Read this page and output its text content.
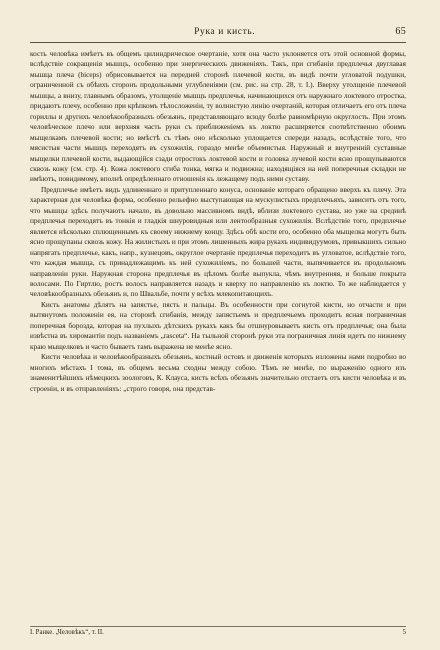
Рука и кисть.	65

кость человѣка имѣетъ въ общемъ цилиндрическое очертаніе, хотя она часто уклоняется отъ этой основной формы, вслѣдствіе сокращенія мышцъ, особенно при энергическихъ движеніяхъ. Такъ, при сгибаніи предплечья двуглавая мышца плеча (biceps) обрисовывается на передней сторонѣ плечевой кости, въ видѣ почти угловатой подушки, ограниченной съ обѣихъ сторонъ продольными углубленіями (см. рис. на стр. 28, т. I.). Вверху утолщеніе плечевой мышцы, а внизу, главнымъ образомъ, утолщеніе мышцъ предплечья, начинающихся отъ наружнаго локтевого отростка, придаютъ плечу, особенно при крѣпкомъ тѣлосложеніи, ту волнистую линію очертаній, которая отличаетъ его отъ плеча гориллы и другихъ человѣкообразныхъ обезьянъ, представляющаго всюду болѣе равномѣрную округлость. При этомъ человѣческое плечо или верхняя часть руки съ приближеніемъ къ локтю расширяется соотвѣтственно обоимъ мыщелкамъ плечевой кости; но вмѣстѣ съ тѣмъ оно нѣсколько уплощается спереди назадъ, вслѣдствіе того, что мясистыя части мышцъ переходятъ въ сухожилія, гораздо менѣе объемистыя. Наружный и внутренній суставные мыщелки плечевой кости, выдающійся сзади отростокъ локтевой кости и головка лучевой кости ясно прощупываются сквозь кожу (см. стр. 4). Кожа локтевого сгиба тонка, мягка и подвижна; находящіяся на ней поперечныя складки не имѣютъ, повидимому, вполнѣ опредѣленнаго отношенія къ лежащему подъ ними суставу.

Предплечье имѣетъ видъ удлиненнаго и притупленнаго конуса, основаніе котораго обращено вверхъ къ плечу. Эта характерная для человѣка форма, особенно рельефно выступающая на мускулистыхъ предплечьяхъ, зависитъ отъ того, что мышцы здѣсь получаютъ начало, въ довольно массивномъ видѣ, вблизи локтевого сустава, но уже на срединѣ предплечья переходятъ въ тонкія и гладкія шнуровидныя или лентообразныя сухожилія. Вслѣдствіе того, предплечье является нѣсколько сплющеннымъ къ своему нижнему концу. Здѣсь обѣ кости его, особенно оба мыщелка могутъ быть ясно прощупаны сквозь кожу. На жилистыхъ и при этомъ лишенныхъ жира рукахъ индивидуумовъ, привыкшихъ сильно напрягать предплечье, какъ, напр., кузнецовъ, округлое очертаніе предплечья переходитъ въ угловатое, вслѣдствіе того, что каждая мышца, съ принадлежащимъ къ ней сухожиліемъ, по большей части, выпячивается въ продольномъ направленіи руки. Наружная сторона предплечья въ цѣломъ болѣе выпукла, чѣмъ внутренняя, и больше покрыта волосами. По Гиртлю, ростъ волосъ направляется назадъ и кверху по направленію къ локтю. То же наблюдается у человѣкообразныхъ обезьянъ и, по Швальбе, почти у всѣхъ млекопитающихъ.

Кисть анатомы дѣлятъ на запястье, пясть и пальцы. Въ особенности при согнутой кисти, но отчасти и при вытянутомъ положеніи ея, на сторонѣ сгибанія, между запястьемъ и предплечьемъ проходитъ ясная пограничная поперечная борозда, которая на пухлыхъ дѣтскихъ рукахъ какъ бы отшнуровываетъ кисть отъ предплечья; она была извѣстна въ хиромантіи подъ названіемъ „rascetа“. На тыльной сторонѣ руки эта пограничная линія идетъ по нижнему краю мыщелковъ и часто бываетъ тамъ выражена не менѣе ясно.

Кисти человѣка и человѣкообразныхъ обезьянъ, костный остовъ и движенія которыхъ изложены нами подробно во многихъ мѣстахъ I тома, въ общемъ весьма сходны между собою. Тѣмъ не менѣе, по выраженію одного изъ знаменитѣйшихъ нѣмецкихъ зоологовъ, К. Клауса, кисть всѣхъ обезьянъ значительно отстаетъ отъ кисти человѣка и въ строеніи, и въ отправленіяхъ: „строго говоря, она представ-

I. Ранке. „Человѣкъ“, т. II.	5
